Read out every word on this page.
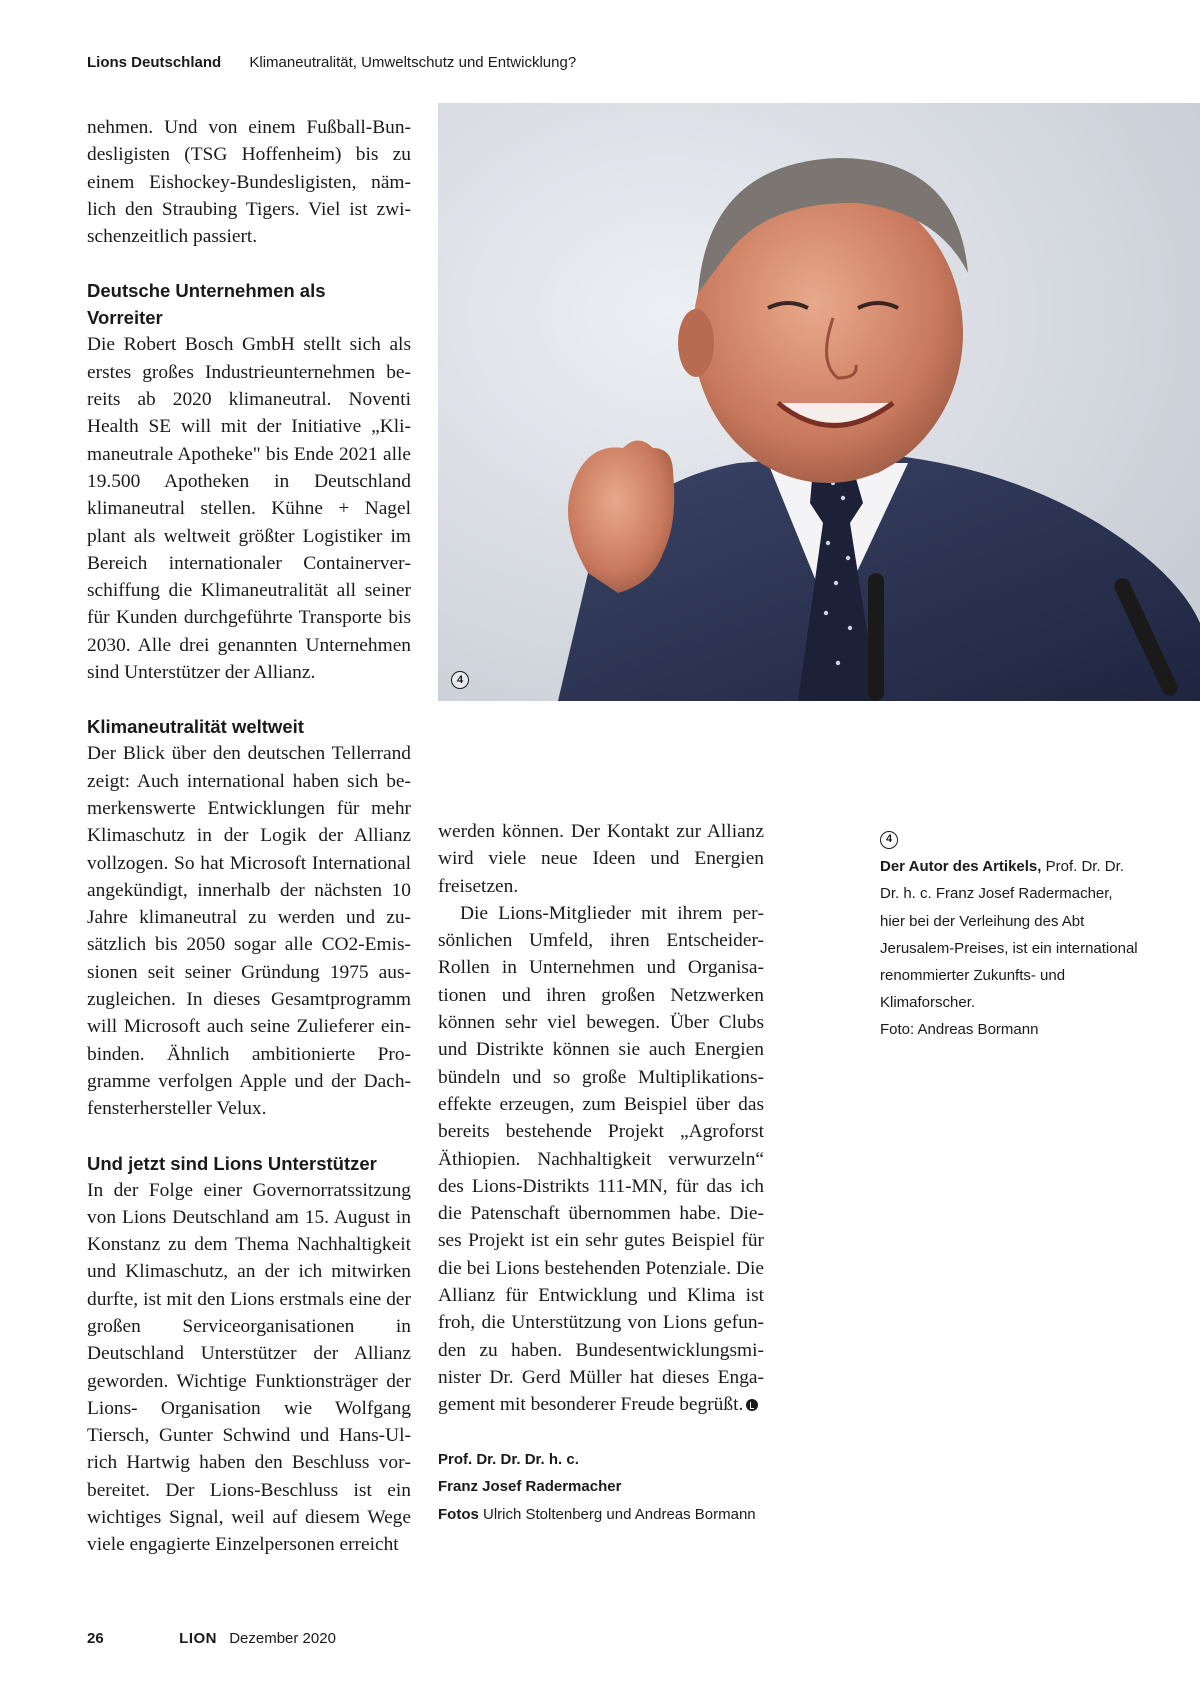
Lions Deutschland Klimaneutralität, Umweltschutz und Entwicklung?

nehmen. Und von einem Fußball-Bundesligisten (TSG Hoffenheim) bis zu einem Eishockey-Bundesligisten, nämlich den Straubing Tigers. Viel ist zwischenzeitlich passiert.

Deutsche Unternehmen als Vorreiter

Die Robert Bosch GmbH stellt sich als erstes großes Industrieunternehmen bereits ab 2020 klimaneutral. Noventi Health SE will mit der Initiative „Klimaneutrale Apotheke" bis Ende 2021 alle 19.500 Apotheken in Deutschland klimaneutral stellen. Kühne + Nagel plant als weltweit größter Logistiker im Bereich internationaler Containerverschiffung die Klimaneutralität all seiner für Kunden durchgeführte Transporte bis 2030. Alle drei genannten Unternehmen sind Unterstützer der Allianz.

Klimaneutralität weltweit

Der Blick über den deutschen Tellerrand zeigt: Auch international haben sich bemerkenswerte Entwicklungen für mehr Klimaschutz in der Logik der Allianz vollzogen. So hat Microsoft International angekündigt, innerhalb der nächsten 10 Jahre klimaneutral zu werden und zusätzlich bis 2050 sogar alle CO2-Emissionen seit seiner Gründung 1975 auszugleichen. In dieses Gesamtprogramm will Microsoft auch seine Zulieferer einbinden. Ähnlich ambitionierte Programme verfolgen Apple und der Dachfensterhersteller Velux.

Und jetzt sind Lions Unterstützer

In der Folge einer Governorratssitzung von Lions Deutschland am 15. August in Konstanz zu dem Thema Nachhaltigkeit und Klimaschutz, an der ich mitwirken durfte, ist mit den Lions erstmals eine der großen Serviceorganisationen in Deutschland Unterstützer der Allianz geworden. Wichtige Funktionsträger der Lions- Organisation wie Wolfgang Tiersch, Gunter Schwind und Hans-Ulrich Hartwig haben den Beschluss vorbereitet. Der Lions-Beschluss ist ein wichtiges Signal, weil auf diesem Wege viele engagierte Einzelpersonen erreicht

4

werden können. Der Kontakt zur Allianz wird viele neue Ideen und Energien freisetzen.

Die Lions-Mitglieder mit ihrem persönlichen Umfeld, ihren Entscheider-Rollen in Unternehmen und Organisationen und ihren großen Netzwerken können sehr viel bewegen. Über Clubs und Distrikte können sie auch Energien bündeln und so große Multiplikationseffekte erzeugen, zum Beispiel über das bereits bestehende Projekt „Agroforst Äthiopien. Nachhaltigkeit verwurzeln“ des Lions-Distrikts 111-MN, für das ich die Patenschaft übernommen habe. Dieses Projekt ist ein sehr gutes Beispiel für die bei Lions bestehenden Potenziale. Die Allianz für Entwicklung und Klima ist froh, die Unterstützung von Lions gefunden zu haben. Bundesentwicklungsminister Dr. Gerd Müller hat dieses Engagement mit besonderer Freude begrüßt.

4
Der Autor des Artikels, Prof. Dr. Dr. Dr. h. c. Franz Josef Radermacher, hier bei der Verleihung des Abt Jerusalem-Preises, ist ein international renommierter Zukunfts- und Klimaforscher.
Foto: Andreas Bormann
Prof. Dr. Dr. Dr. h. c.
Franz Josef Radermacher
Fotos Ulrich Stoltenberg und Andreas Bormann
26	LION Dezember 2020
